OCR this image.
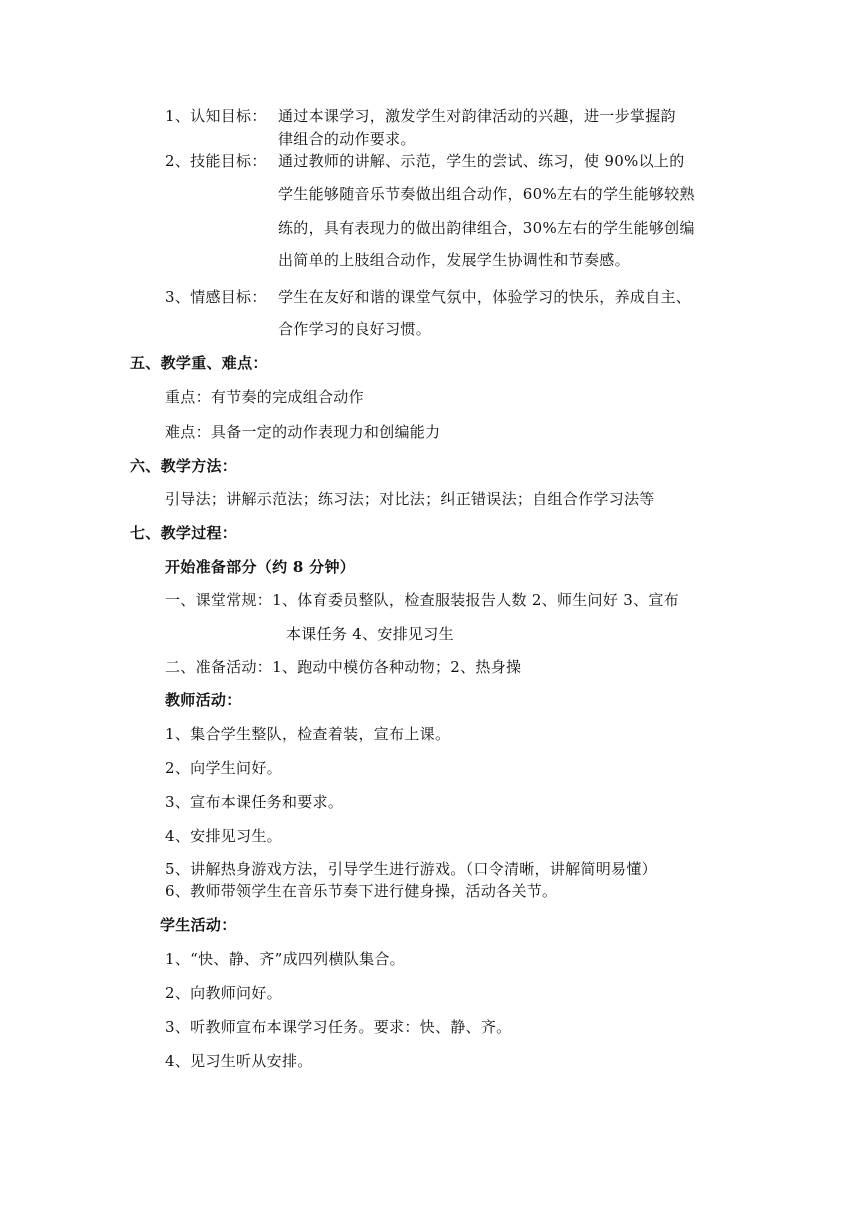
1、认知目标： 通过本课学习，激发学生对韵律活动的兴趣，进一步掌握韵
律组合的动作要求。
2、技能目标： 通过教师的讲解、示范，学生的尝试、练习，使 90%以上的
学生能够随音乐节奏做出组合动作，60%左右的学生能够较熟
练的，具有表现力的做出韵律组合，30%左右的学生能够创编
出简单的上肢组合动作，发展学生协调性和节奏感。
3、情感目标： 学生在友好和谐的课堂气氛中，体验学习的快乐，养成自主、
合作学习的良好习惯。
五、教学重、难点：
重点：有节奏的完成组合动作
难点：具备一定的动作表现力和创编能力
六、教学方法：
引导法；讲解示范法；练习法；对比法；纠正错误法；自组合作学习法等
七、教学过程：
开始准备部分（约 8 分钟）
一、课堂常规：1、体育委员整队，检查服装报告人数 2、师生问好 3、宣布
本课任务 4、安排见习生
二、准备活动：1、跑动中模仿各种动物；2、热身操
教师活动：
1、集合学生整队，检查着装，宣布上课。
2、向学生问好。
3、宣布本课任务和要求。
4、安排见习生。
5、讲解热身游戏方法，引导学生进行游戏。（口令清晰，讲解简明易懂）
6、教师带领学生在音乐节奏下进行健身操，活动各关节。
学生活动：
1、“快、静、齐”成四列横队集合。
2、向教师问好。
3、听教师宣布本课学习任务。要求：快、静、齐。
4、见习生听从安排。
